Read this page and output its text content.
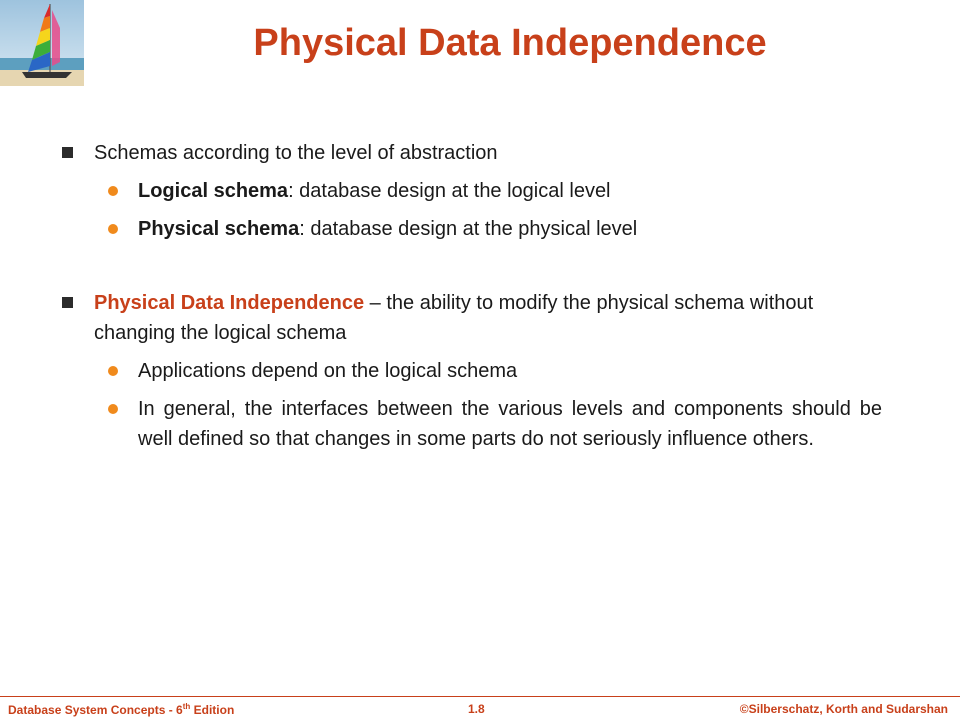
Physical Data Independence
Schemas according to the level of abstraction
Logical schema: database design at the logical level
Physical schema: database design at the physical level
Physical Data Independence – the ability to modify the physical schema without changing the logical schema
Applications depend on the logical schema
In general, the interfaces between the various levels and components should be well defined so that changes in some parts do not seriously influence others.
Database System Concepts - 6th Edition	1.8	©Silberschatz, Korth and Sudarshan
